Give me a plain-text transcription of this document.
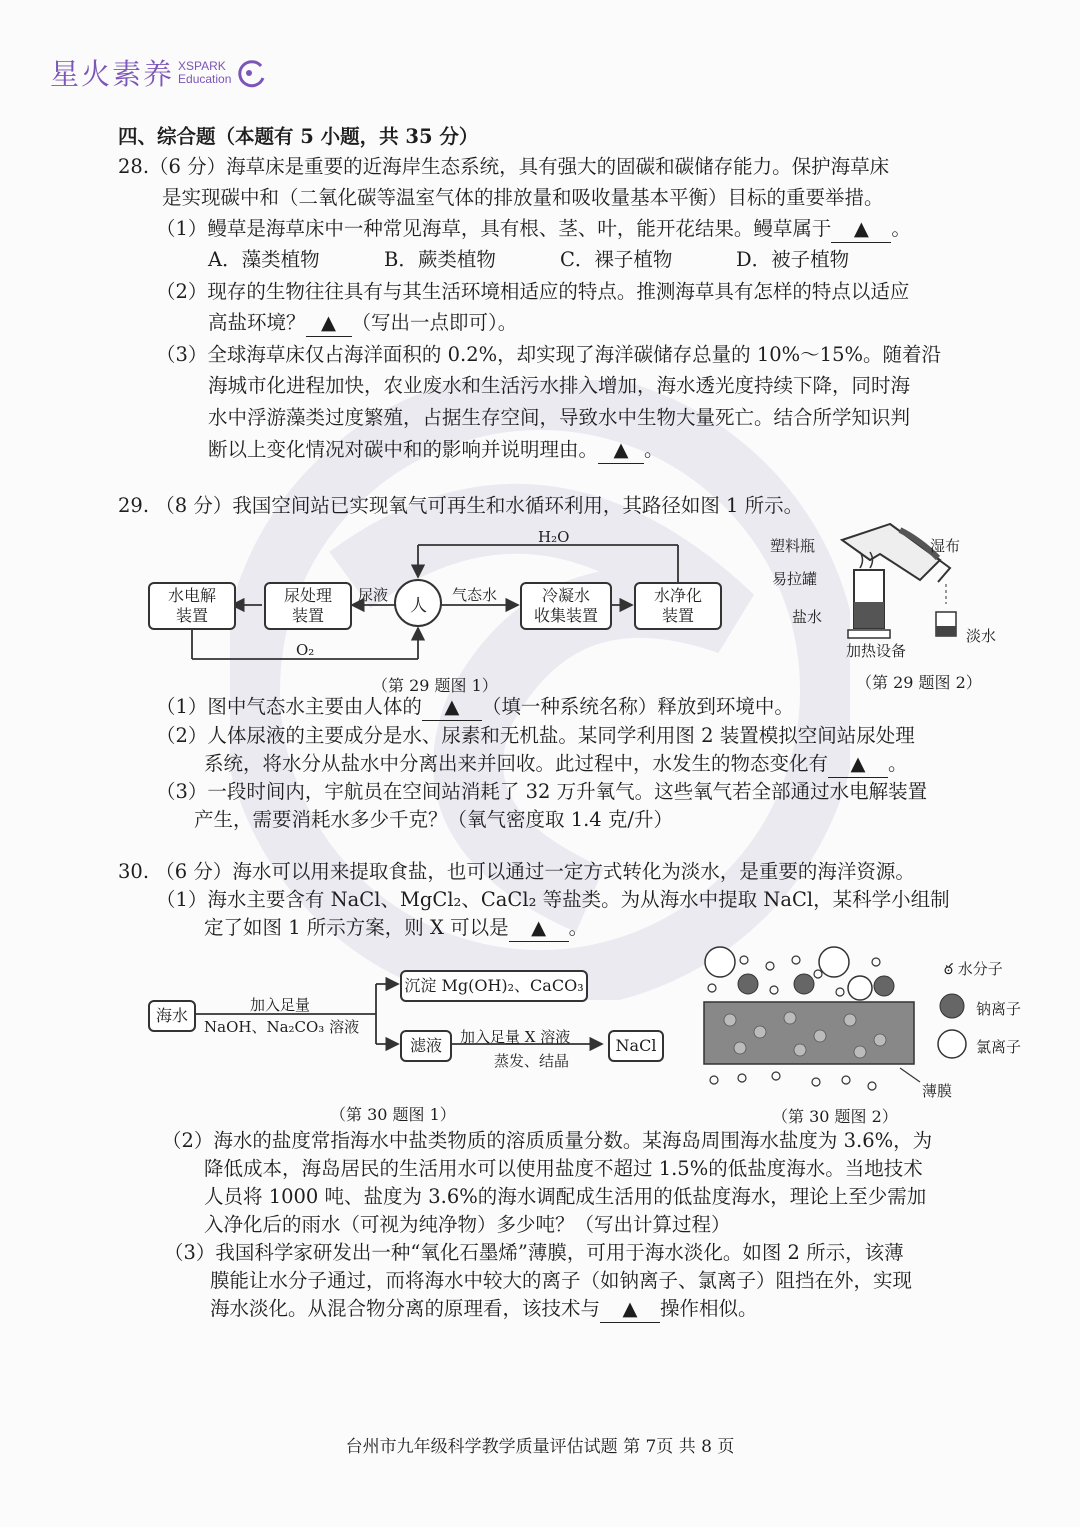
星火素养 XSPARK
Education
四、综合题（本题有 5 小题，共 35 分）
28.（6 分）海草床是重要的近海岸生态系统，具有强大的固碳和碳储存能力。保护海草床
是实现碳中和（二氧化碳等温室气体的排放量和吸收量基本平衡）目标的重要举措。
（1）鳗草是海草床中一种常见海草，具有根、茎、叶，能开花结果。鳗草属于 ▲ 。
A．藻类植物	B．蕨类植物	C．裸子植物	D．被子植物
（2）现存的生物往往具有与其生活环境相适应的特点。推测海草具有怎样的特点以适应
高盐环境？ ▲ （写出一点即可）。
（3）全球海草床仅占海洋面积的 0.2%，却实现了海洋碳储存总量的 10%～15%。随着沿
海城市化进程加快，农业废水和生活污水排入增加，海水透光度持续下降，同时海
水中浮游藻类过度繁殖，占据生存空间，导致水中生物大量死亡。结合所学知识判
断以上变化情况对碳中和的影响并说明理由。 ▲ 。
29. （8 分）我国空间站已实现氧气可再生和水循环利用，其路径如图 1 所示。
H₂O
O₂
水电解
装置
尿处理
装置
尿液
人
气态水	冷凝水
收集装置
水净化
装置
（第 29 题图 1）
塑料瓶	湿布
易拉罐
盐水
淡水
加热设备
（第 29 题图 2）
（1）图中气态水主要由人体的 ▲ （填一种系统名称）释放到环境中。
（2）人体尿液的主要成分是水、尿素和无机盐。某同学利用图 2 装置模拟空间站尿处理
系统，将水分从盐水中分离出来并回收。此过程中，水发生的物态变化有 ▲ 。
（3）一段时间内，宇航员在空间站消耗了 32 万升氧气。这些氧气若全部通过水电解装置
产生，需要消耗水多少千克？（氧气密度取 1.4 克/升）
30. （6 分）海水可以用来提取食盐，也可以通过一定方式转化为淡水，是重要的海洋资源。
（1）海水主要含有 NaCl、MgCl₂、CaCl₂ 等盐类。为从海水中提取 NaCl，某科学小组制
定了如图 1 所示方案，则 X 可以是 ▲ 。
海水
加入足量
NaOH、Na₂CO₃ 溶液
沉淀 Mg(OH)₂、CaCO₃
滤液	加入足量 X 溶液
蒸发、结晶
NaCl
（第 30 题图 1）
ఠ 水分子
钠离子
氯离子
薄膜
（第 30 题图 2）
（2）海水的盐度常指海水中盐类物质的溶质质量分数。某海岛周围海水盐度为 3.6%，为
降低成本，海岛居民的生活用水可以使用盐度不超过 1.5%的低盐度海水。当地技术
人员将 1000 吨、盐度为 3.6%的海水调配成生活用的低盐度海水，理论上至少需加
入净化后的雨水（可视为纯净物）多少吨？（写出计算过程）
（3）我国科学家研发出一种“氧化石墨烯”薄膜，可用于海水淡化。如图 2 所示，该薄
膜能让水分子通过，而将海水中较大的离子（如钠离子、氯离子）阻挡在外，实现
海水淡化。从混合物分离的原理看，该技术与 ▲ 操作相似。
台州市九年级科学教学质量评估试题 第 7页 共 8 页
